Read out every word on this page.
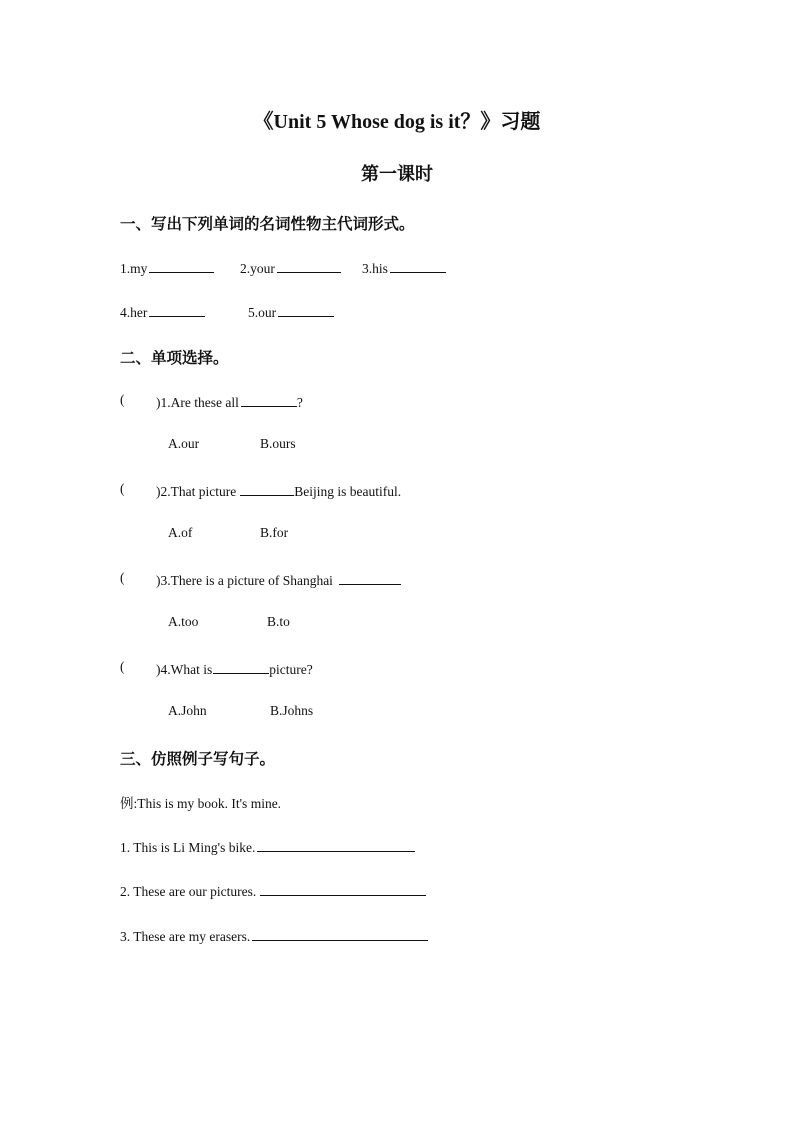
《Unit 5 Whose dog is it？》习题
第一课时
一、写出下列单词的名词性物主代词形式。
1.my	2.your	3.his
4.her	5.our
二、单项选择。
( )1.Are these all	?
A.our	B.ours
( )2.That picture	Beijing is beautiful.
A.of	B.for
( )3.There is a picture of Shanghai
A.too	B.to
( )4.What is	picture?
A.John	B.Johns
三、仿照例子写句子。
例:This is my book. It's mine.
1. This is Li Ming's bike.
2. These are our pictures.
3. These are my erasers.
